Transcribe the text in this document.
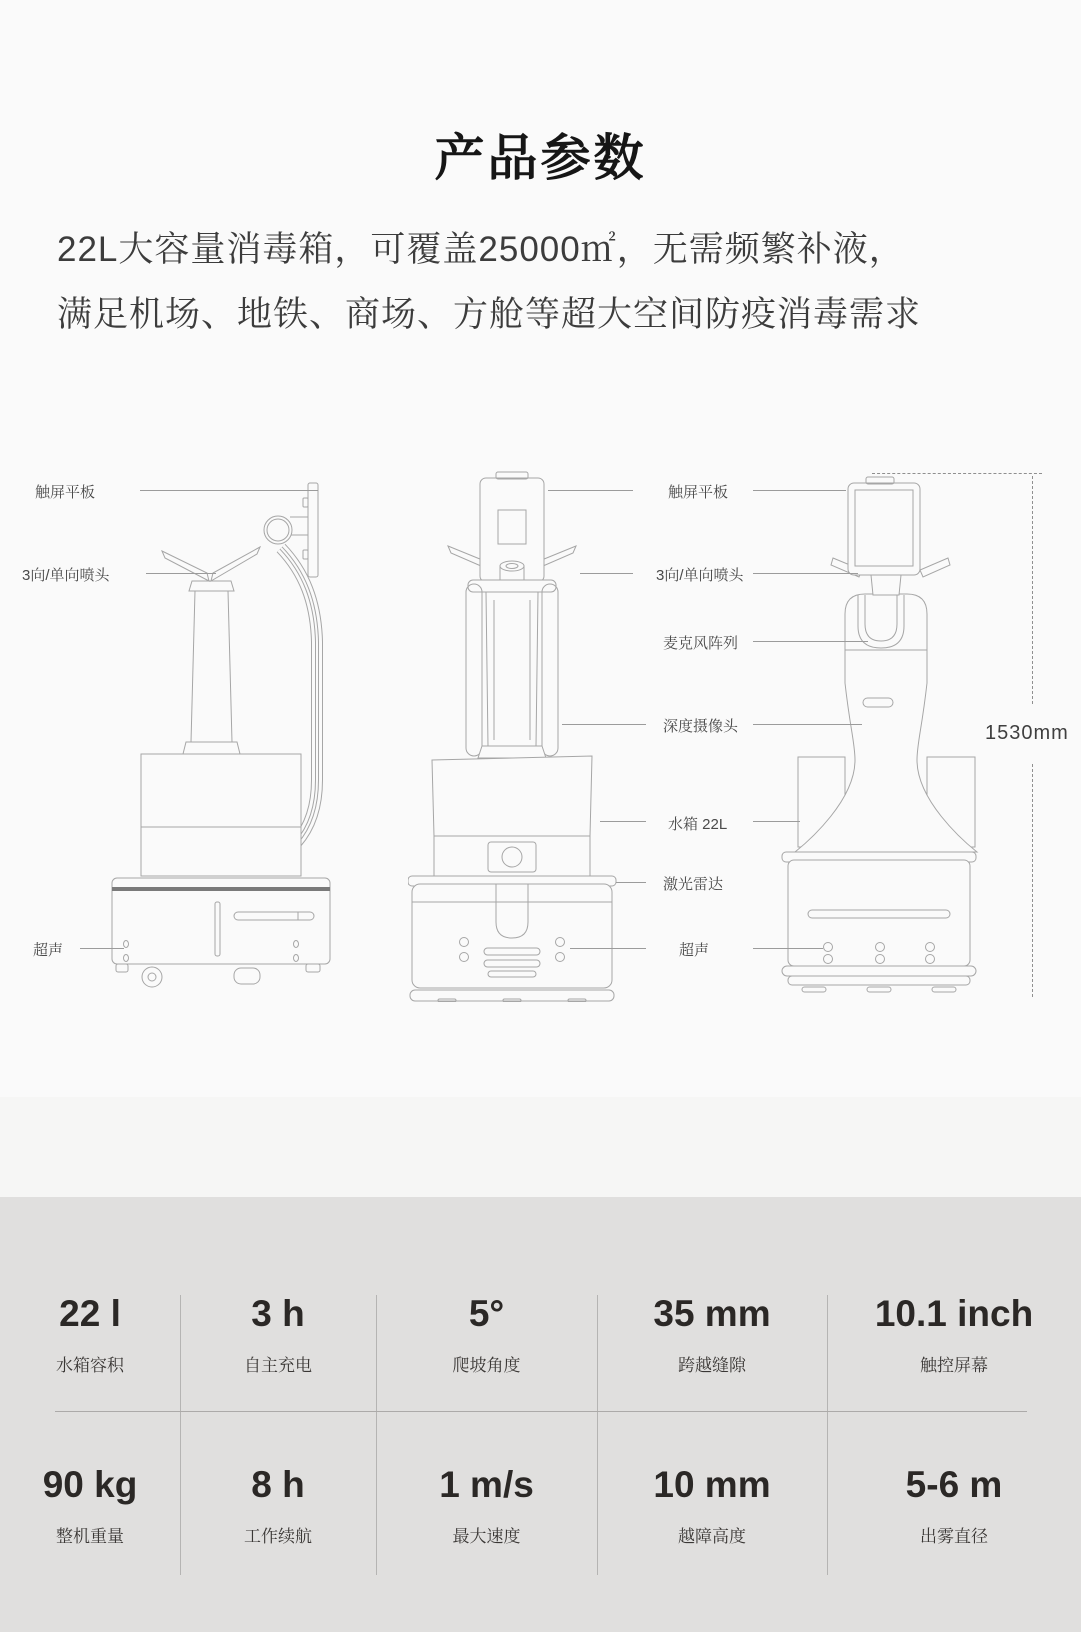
产品参数
22L大容量消毒箱，可覆盖25000㎡，无需频繁补液，
满足机场、地铁、商场、方舱等超大空间防疫消毒需求
触屏平板
3向/单向喷头
超声
触屏平板
3向/单向喷头
麦克风阵列
深度摄像头
水箱 22L
激光雷达
超声
1530mm
22 l
水箱容积
3 h
自主充电
5°
爬坡角度
35 mm
跨越缝隙
10.1 inch
触控屏幕
90 kg
整机重量
8 h
工作续航
1 m/s
最大速度
10 mm
越障高度
5-6 m
出雾直径
